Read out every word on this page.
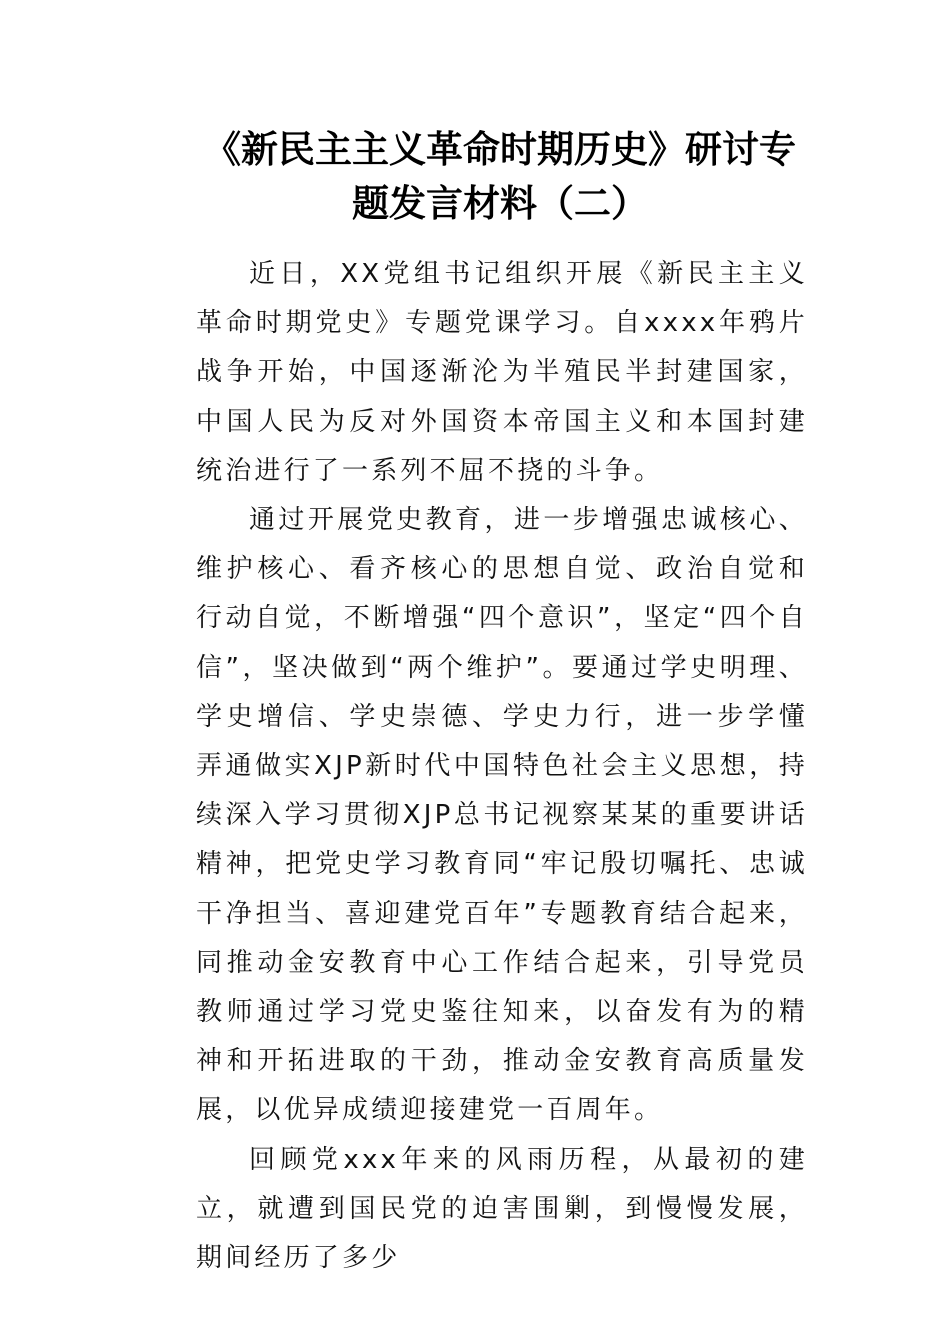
《新民主主义革命时期历史》研讨专
题发言材料（二）

近日，XX党组书记组织开展《新民主主义革命时期党史》专题党课学习。自xxxx年鸦片战争开始，中国逐渐沦为半殖民半封建国家，中国人民为反对外国资本帝国主义和本国封建统治进行了一系列不屈不挠的斗争。

通过开展党史教育，进一步增强忠诚核心、维护核心、看齐核心的思想自觉、政治自觉和行动自觉，不断增强“四个意识”，坚定“四个自信”，坚决做到“两个维护”。要通过学史明理、学史增信、学史崇德、学史力行，进一步学懂弄通做实XJP新时代中国特色社会主义思想，持续深入学习贯彻XJP总书记视察某某的重要讲话精神，把党史学习教育同“牢记殷切嘱托、忠诚干净担当、喜迎建党百年”专题教育结合起来，同推动金安教育中心工作结合起来，引导党员教师通过学习党史鉴往知来，以奋发有为的精神和开拓进取的干劲，推动金安教育高质量发展，以优异成绩迎接建党一百周年。

回顾党xxx年来的风雨历程，从最初的建立，就遭到国民党的迫害围剿，到慢慢发展，期间经历了多少
